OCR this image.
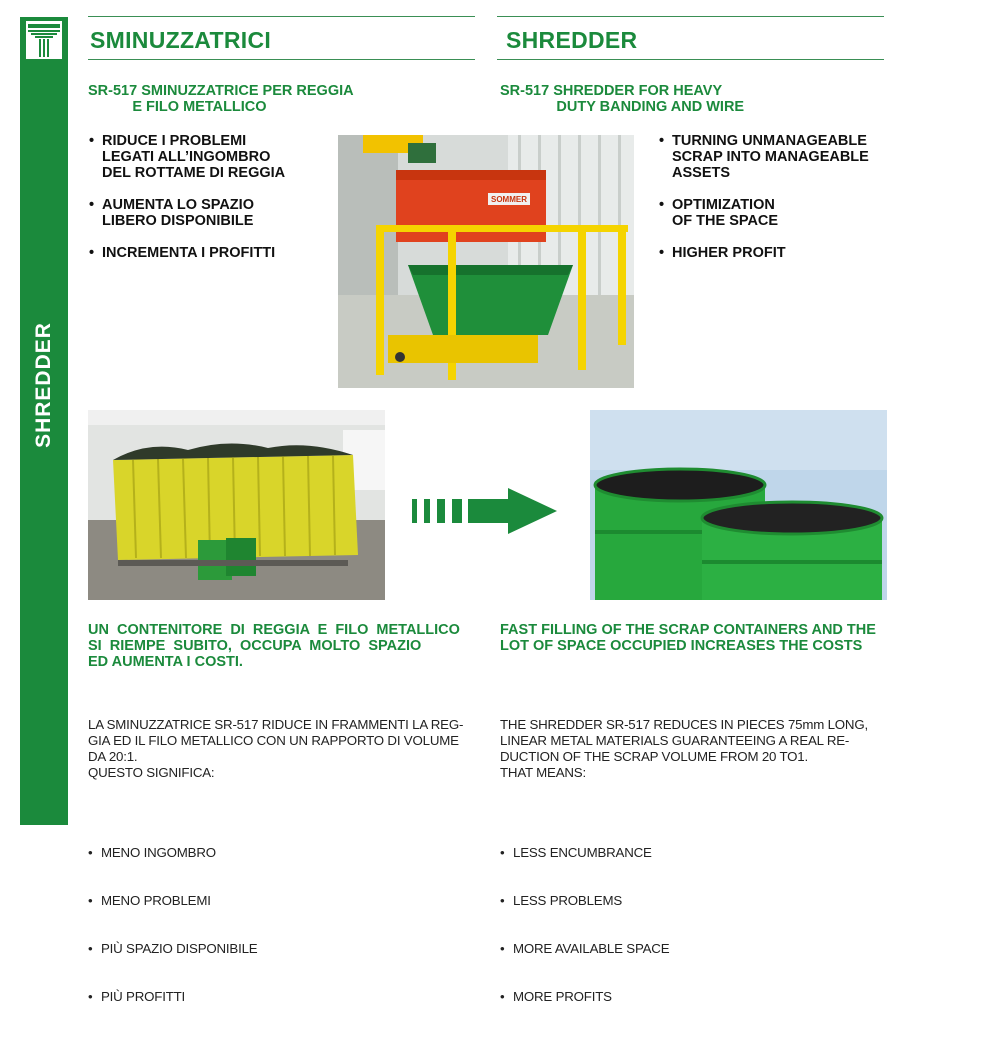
SHREDDER
SMINUZZATRICI	SHREDDER
SR-517 SMINUZZATRICE PER REGGIA
E FILO METALLICO
SR-517 SHREDDER FOR HEAVY
DUTY BANDING AND WIRE
• RIDUCE I PROBLEMI
LEGATI ALL’INGOMBRO
DEL ROTTAME DI REGGIA
• AUMENTA LO SPAZIO
LIBERO DISPONIBILE
• INCREMENTA I PROFITTI
• TURNING UNMANAGEABLE
SCRAP INTO MANAGEABLE
ASSETS
• OPTIMIZATION
OF THE SPACE
• HIGHER PROFIT
SOMMER
UN  CONTENITORE  DI  REGGIA  E  FILO  METALLICO
SI  RIEMPE  SUBITO,  OCCUPA  MOLTO  SPAZIO
ED AUMENTA I COSTI.
FAST FILLING OF THE SCRAP CONTAINERS AND THE
LOT OF SPACE OCCUPIED INCREASES THE COSTS

LA SMINUZZATRICE SR-517 RIDUCE IN FRAMMENTI LA REG-
GIA ED IL FILO METALLICO CON UN RAPPORTO DI VOLUME
DA 20:1.
QUESTO SIGNIFICA:

• MENO INGOMBRO

• MENO PROBLEMI

• PIÙ SPAZIO DISPONIBILE

• PIÙ PROFITTI

THE SHREDDER SR-517 REDUCES IN PIECES 75mm LONG,
LINEAR METAL MATERIALS GUARANTEEING A REAL RE-
DUCTION OF THE SCRAP VOLUME FROM 20 TO1.
THAT MEANS:

• LESS ENCUMBRANCE

• LESS PROBLEMS

• MORE AVAILABLE SPACE

• MORE PROFITS
